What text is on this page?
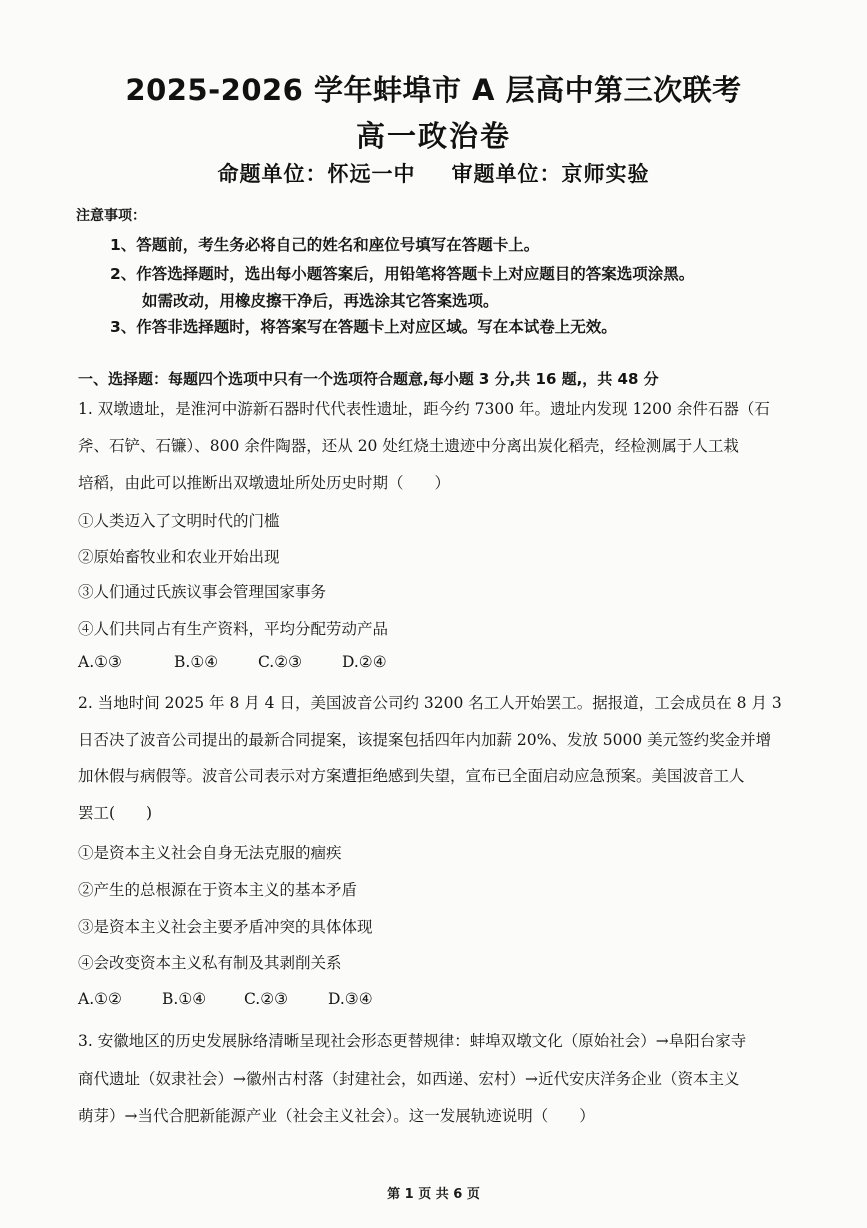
2025-2026 学年蚌埠市 A 层高中第三次联考
高一政治卷
命题单位：怀远一中 审题单位：京师实验
注意事项：
1、答题前，考生务必将自己的姓名和座位号填写在答题卡上。
2、作答选择题时，选出每小题答案后，用铅笔将答题卡上对应题目的答案选项涂黑。
如需改动，用橡皮擦干净后，再选涂其它答案选项。
3、作答非选择题时，将答案写在答题卡上对应区域。写在本试卷上无效。
一、选择题：每题四个选项中只有一个选项符合题意,每小题 3 分,共 16 题,，共 48 分
1. 双墩遗址，是淮河中游新石器时代代表性遗址，距今约 7300 年。遗址内发现 1200 余件石器（石
斧、石铲、石镰）、800 余件陶器，还从 20 处红烧土遗迹中分离出炭化稻壳，经检测属于人工栽
培稻，由此可以推断出双墩遗址所处历史时期（　　）
①人类迈入了文明时代的门槛
②原始畜牧业和农业开始出现
③人们通过氏族议事会管理国家事务
④人们共同占有生产资料，平均分配劳动产品
A.①③	B.①④	C.②③	D.②④
2. 当地时间 2025 年 8 月 4 日，美国波音公司约 3200 名工人开始罢工。据报道，工会成员在 8 月 3
日否决了波音公司提出的最新合同提案，该提案包括四年内加薪 20%、发放 5000 美元签约奖金并增
加休假与病假等。波音公司表示对方案遭拒绝感到失望，宣布已全面启动应急预案。美国波音工人
罢工(　　)
①是资本主义社会自身无法克服的痼疾
②产生的总根源在于资本主义的基本矛盾
③是资本主义社会主要矛盾冲突的具体体现
④会改变资本主义私有制及其剥削关系
A.①②	B.①④ C.②③	D.③④
3. 安徽地区的历史发展脉络清晰呈现社会形态更替规律：蚌埠双墩文化（原始社会）→阜阳台家寺
商代遗址（奴隶社会）→徽州古村落（封建社会，如西递、宏村）→近代安庆洋务企业（资本主义
萌芽）→当代合肥新能源产业（社会主义社会）。这一发展轨迹说明（　　）
第 1 页 共 6 页
